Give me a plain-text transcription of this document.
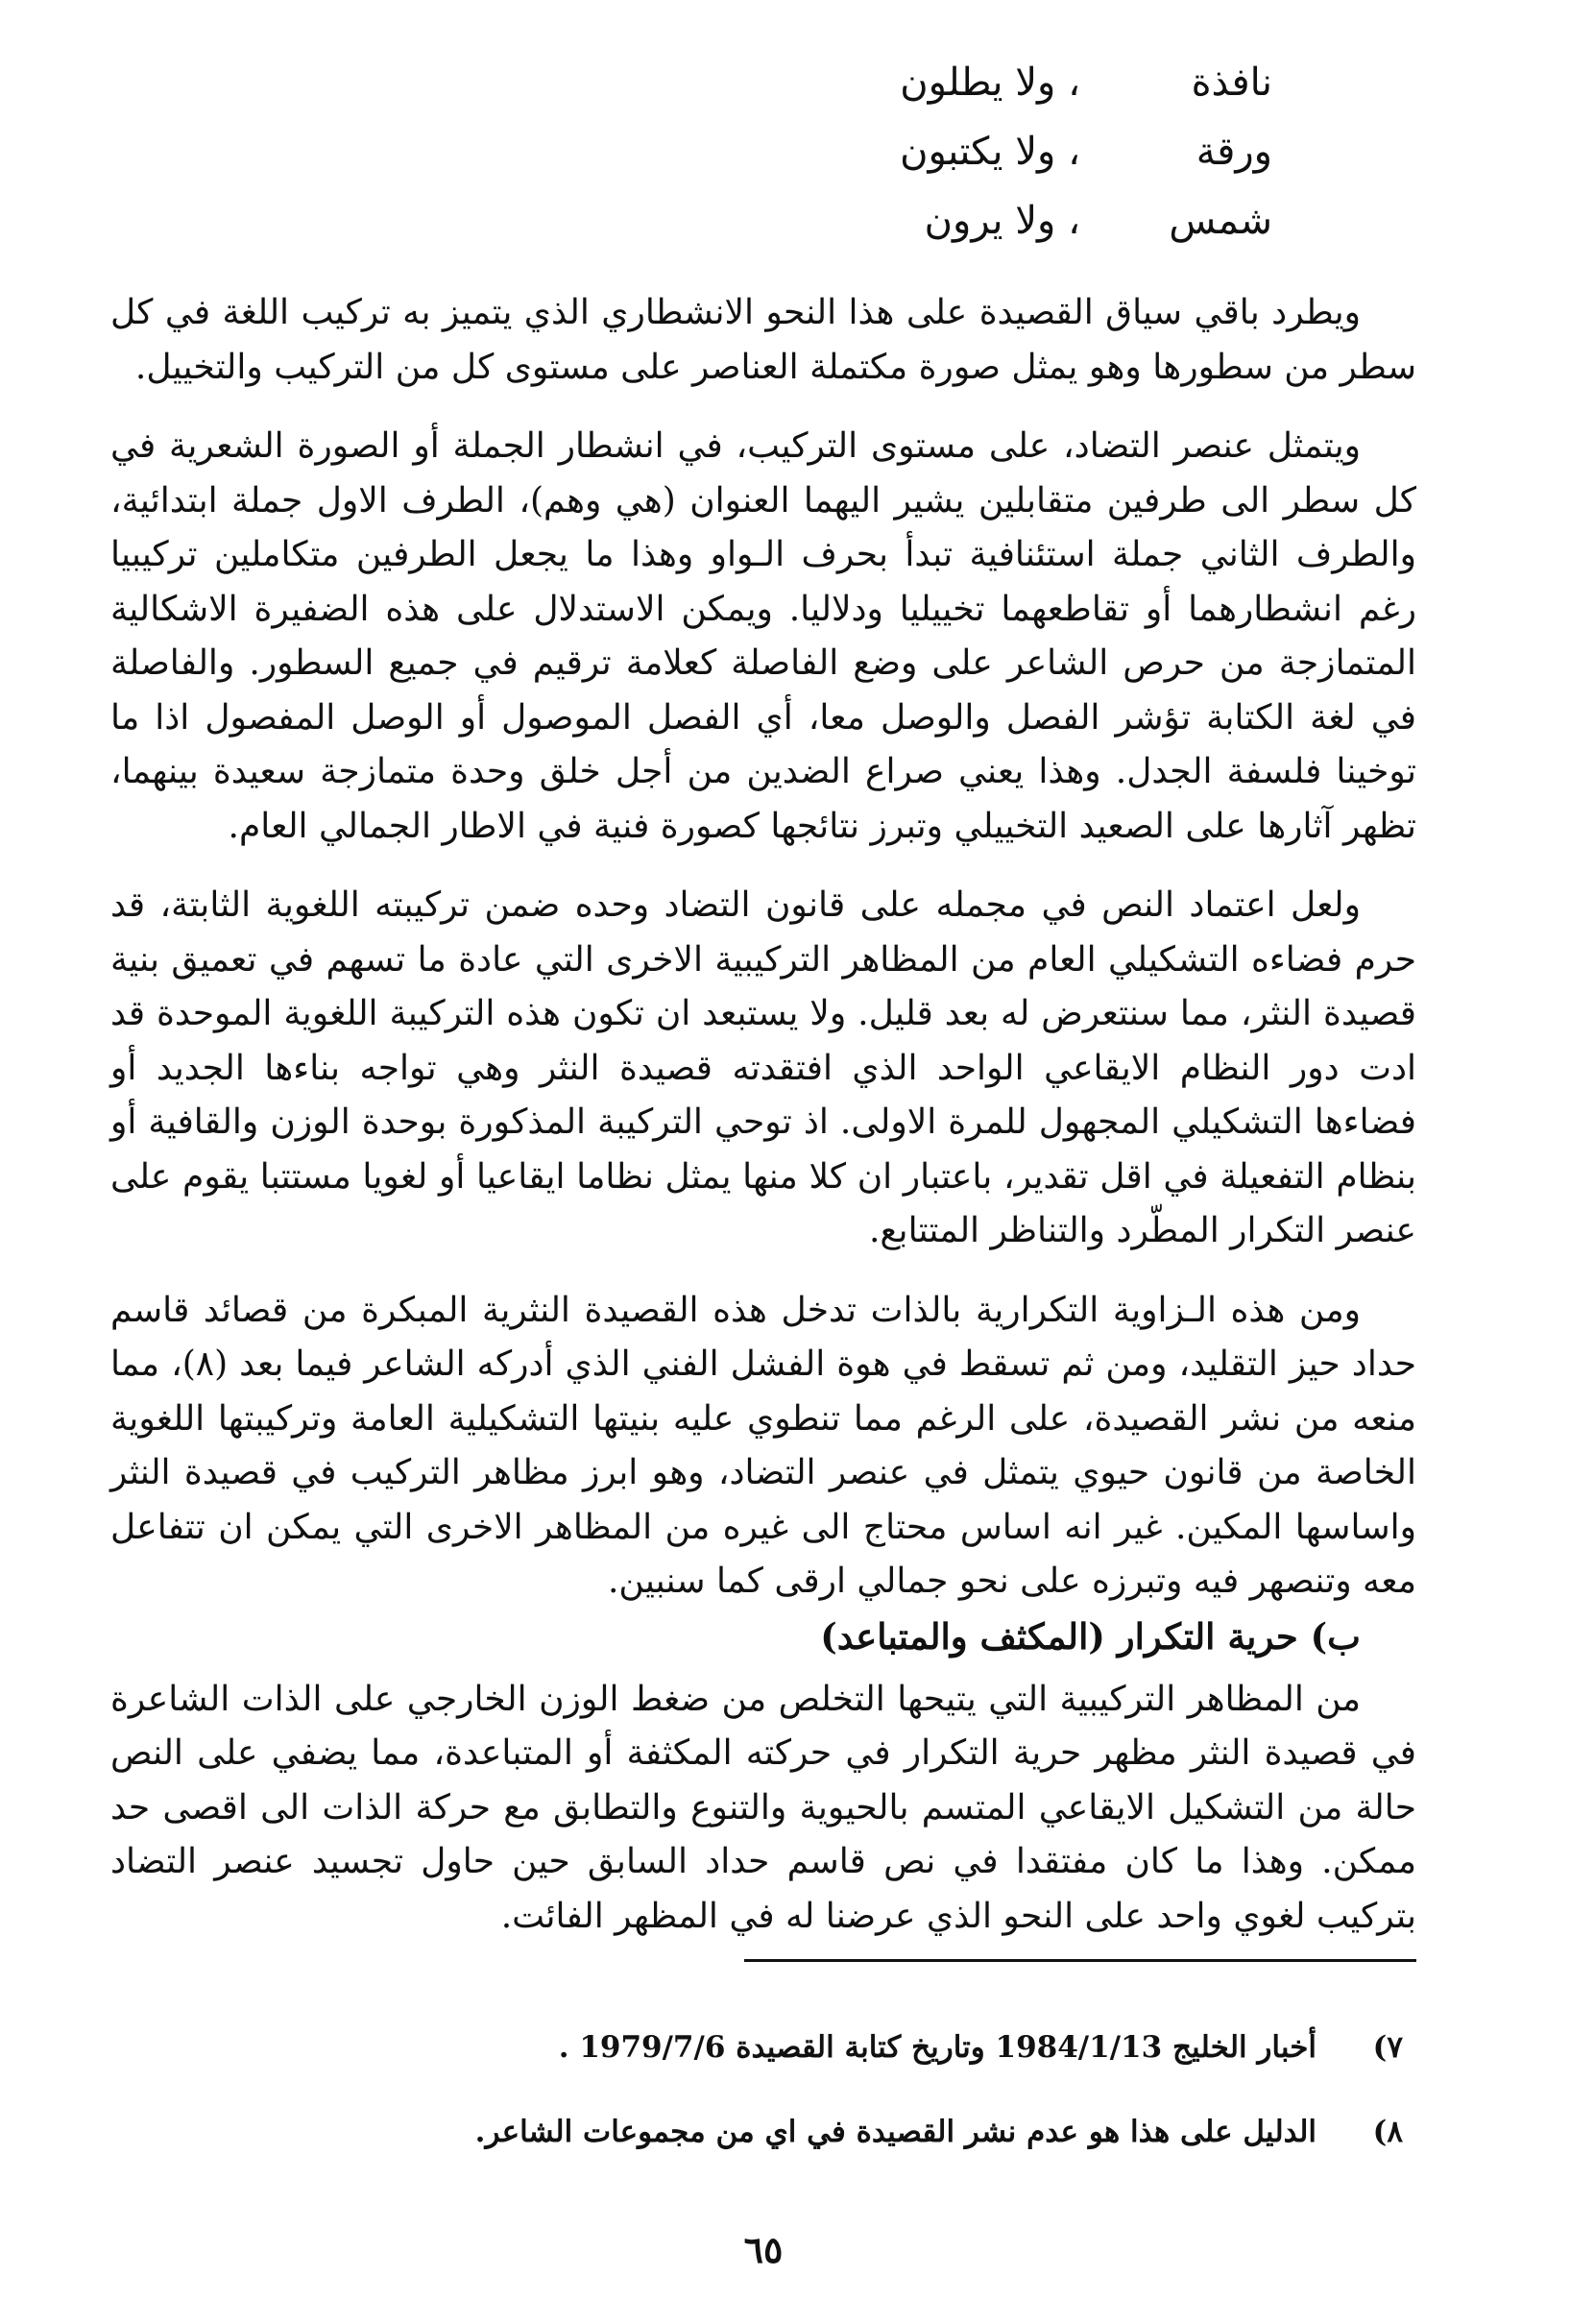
نافذة
، ولا يطلون
ورقة
، ولا يكتبون
شمس
، ولا يرون

ويطرد باقي سياق القصيدة على هذا النحو الانشطاري الذي يتميز به تركيب اللغة في كل سطر من سطورها وهو يمثل صورة مكتملة العناصر على مستوى كل من التركيب والتخييل.

ويتمثل عنصر التضاد، على مستوى التركيب، في انشطار الجملة أو الصورة الشعرية في كل سطر الى طرفين متقابلين يشير اليهما العنوان (هي وهم)، الطرف الاول جملة ابتدائية، والطرف الثاني جملة استئنافية تبدأ بحرف الـواو وهذا ما يجعل الطرفين متكاملين تركيبيا رغم انشطارهما أو تقاطعهما تخييليا ودلاليا. ويمكن الاستدلال على هذه الضفيرة الاشكالية المتمازجة من حرص الشاعر على وضع الفاصلة كعلامة ترقيم في جميع السطور. والفاصلة في لغة الكتابة تؤشر الفصل والوصل معا، أي الفصل الموصول أو الوصل المفصول اذا ما توخينا فلسفة الجدل. وهذا يعني صراع الضدين من أجل خلق وحدة متمازجة سعيدة بينهما، تظهر آثارها على الصعيد التخييلي وتبرز نتائجها كصورة فنية في الاطار الجمالي العام.

ولعل اعتماد النص في مجمله على قانون التضاد وحده ضمن تركيبته اللغوية الثابتة، قد حرم فضاءه التشكيلي العام من المظاهر التركيبية الاخرى التي عادة ما تسهم في تعميق بنية قصيدة النثر، مما سنتعرض له بعد قليل. ولا يستبعد ان تكون هذه التركيبة اللغوية الموحدة قد ادت دور النظام الايقاعي الواحد الذي افتقدته قصيدة النثر وهي تواجه بناءها الجديد أو فضاءها التشكيلي المجهول للمرة الاولى. اذ توحي التركيبة المذكورة بوحدة الوزن والقافية أو بنظام التفعيلة في اقل تقدير، باعتبار ان كلا منها يمثل نظاما ايقاعيا أو لغويا مستتبا يقوم على عنصر التكرار المطّرد والتناظر المتتابع.

ومن هذه الـزاوية التكرارية بالذات تدخل هذه القصيدة النثرية المبكرة من قصائد قاسم حداد حيز التقليد، ومن ثم تسقط في هوة الفشل الفني الذي أدركه الشاعر فيما بعد (٨)، مما منعه من نشر القصيدة، على الرغم مما تنطوي عليه بنيتها التشكيلية العامة وتركيبتها اللغوية الخاصة من قانون حيوي يتمثل في عنصر التضاد، وهو ابرز مظاهر التركيب في قصيدة النثر واساسها المكين. غير انه اساس محتاج الى غيره من المظاهر الاخرى التي يمكن ان تتفاعل معه وتنصهر فيه وتبرزه على نحو جمالي ارقى كما سنبين.

ب) حرية التكرار (المكثف والمتباعد)

من المظاهر التركيبية التي يتيحها التخلص من ضغط الوزن الخارجي على الذات الشاعرة في قصيدة النثر مظهر حرية التكرار في حركته المكثفة أو المتباعدة، مما يضفي على النص حالة من التشكيل الايقاعي المتسم بالحيوية والتنوع والتطابق مع حركة الذات الى اقصى حد ممكن. وهذا ما كان مفتقدا في نص قاسم حداد السابق حين حاول تجسيد عنصر التضاد بتركيب لغوي واحد على النحو الذي عرضنا له في المظهر الفائت.

٧)
أخبار الخليج 1984/1/13 وتاريخ كتابة القصيدة 1979/7/6 .
٨)
الدليل على هذا هو عدم نشر القصيدة في اي من مجموعات الشاعر.
٦٥
